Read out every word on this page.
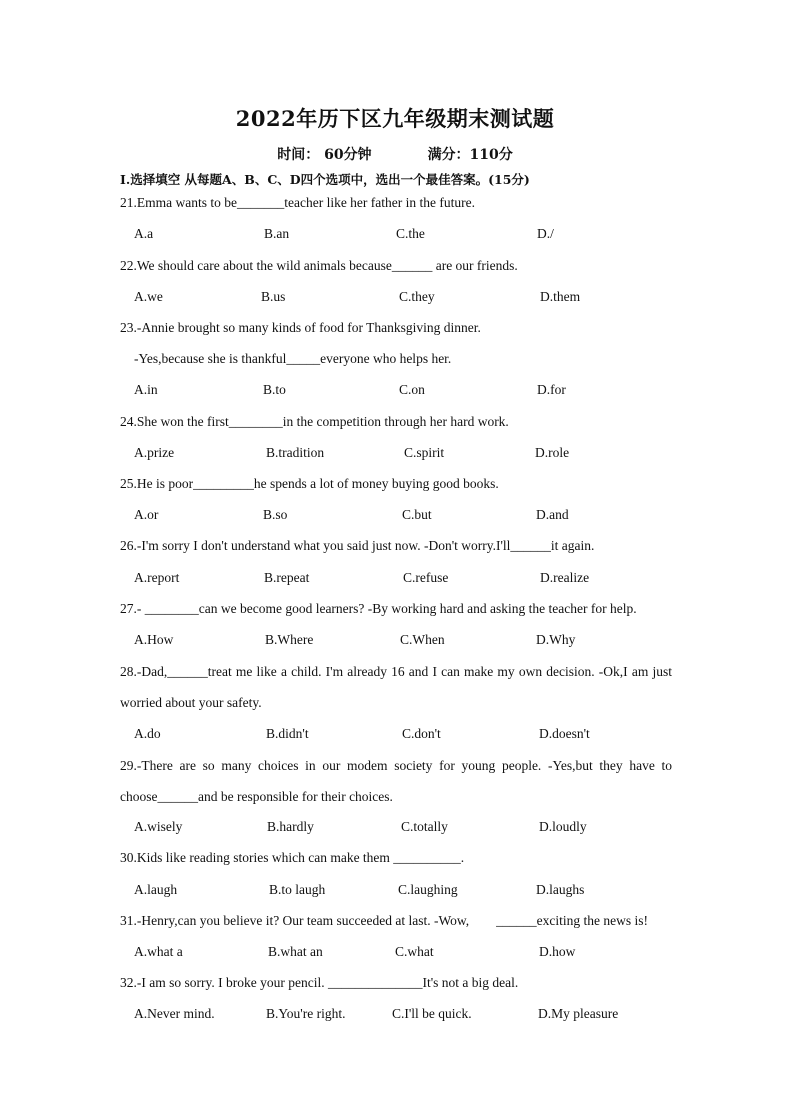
2022年历下区九年级期末测试题
时间： 60分钟	满分：110分
Ⅰ.选择填空 从每题A、B、C、D四个选项中，选出一个最佳答案。(15分)
21.Emma wants to be_______teacher like her father in the future.
A.a	B.an	C.the	D./
22.We should care about the wild animals because______ are our friends.
A.we	B.us	C.they	D.them
23.-Annie brought so many kinds of food for Thanksgiving dinner.
-Yes,because she is thankful_____everyone who helps her.
A.in	B.to	C.on	D.for
24.She won the first________in the competition through her hard work.
A.prize	B.tradition	C.spirit	D.role
25.He is poor_________he spends a lot of money buying good books.
A.or	B.so	C.but	D.and
26.-I'm sorry I don't understand what you said just now. -Don't worry.I'll______it again.
A.report	B.repeat	C.refuse	D.realize
27.- ________can we become good learners? -By working hard and asking the teacher for help.
A.How	B.Where	C.When	D.Why
28.-Dad,______treat me like a child. I'm already 16 and I can make my own decision. -Ok,I am just worried about your safety.
A.do	B.didn't	C.don't	D.doesn't
29.-There are so many choices in our modem society for young people. -Yes,but they have to choose______and be responsible for their choices.
A.wisely	B.hardly	C.totally	D.loudly
30.Kids like reading stories which can make them __________.
A.laugh	B.to laugh	C.laughing	D.laughs
31.-Henry,can you believe it? Our team succeeded at last. -Wow,        ______exciting the news is!
A.what a	B.what an	C.what	D.how
32.-I am so sorry. I broke your pencil. ______________It's not a big deal.
A.Never mind.	B.You're right.	C.I'll be quick.	D.My pleasure
